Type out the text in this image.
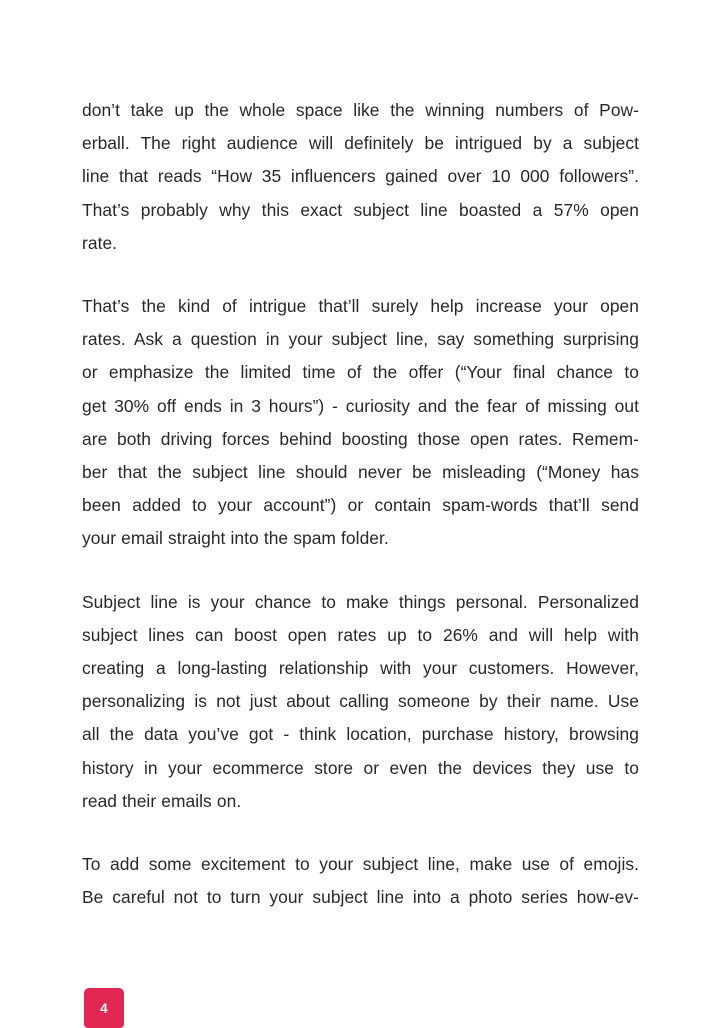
don’t take up the whole space like the winning numbers of Pow-
erball. The right audience will definitely be intrigued by a subject
line that reads “How 35 influencers gained over 10 000 followers”.
That’s probably why this exact subject line boasted a 57% open
rate.

That’s the kind of intrigue that’ll surely help increase your open
rates. Ask a question in your subject line, say something surprising
or emphasize the limited time of the offer (“Your final chance to
get 30% off ends in 3 hours”) - curiosity and the fear of missing out
are both driving forces behind boosting those open rates. Remem-
ber that the subject line should never be misleading (“Money has
been added to your account”) or contain spam-words that’ll send
your email straight into the spam folder.

Subject line is your chance to make things personal. Personalized
subject lines can boost open rates up to 26% and will help with
creating a long-lasting relationship with your customers. However,
personalizing is not just about calling someone by their name. Use
all the data you’ve got - think location, purchase history, browsing
history in your ecommerce store or even the devices they use to
read their emails on.

To add some excitement to your subject line, make use of emojis.
Be careful not to turn your subject line into a photo series how-ev-

4
